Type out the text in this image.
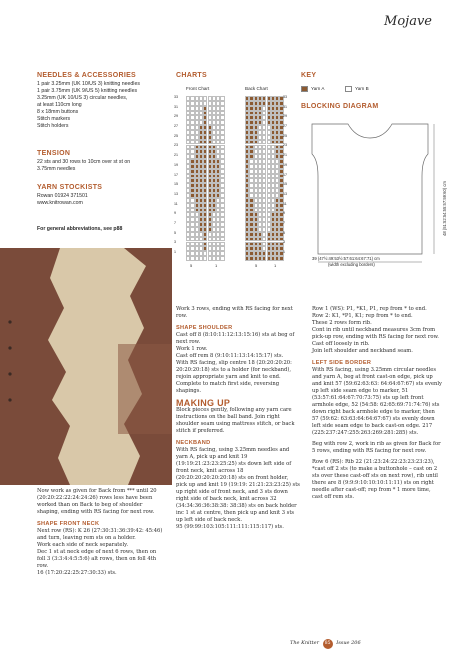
Mojave
NEEDLES & ACCESSORIES
1 pair 3.25mm (UK 10/US 3) knitting needles
1 pair 3.75mm (UK 9/US 5) knitting needles
3.25mm (UK 10/US 3) circular needles,
at least 110cm long
8 x 18mm buttons
Stitch markers
Stitch holders
TENSION
22 sts and 30 rows to 10cm over st st on
3.75mm needles
YARN STOCKISTS
Rowan 01924 371501
www.knitrowan.com
For general abbreviations, see p88
CHARTS
Front Chart	Back Chart
33
31
29
27
25
23
21
19
17
15
13
11
9
7
5
3
1
33
31
29
27
25
23
21
19
17
15
13
11
9
7
5
3
1
5	1	5	1
KEY
Yarn A	Yarn B
BLOCKING DIAGRAM
39 (47½:49:53½:57:61:64:67:71) cm
(width excluding borders)
48 (51:52:54:55:57:59:60) cm
Now work as given for Back from *** until 20 (20:20:22:22:24:24:26) rows less have been worked than on Back to beg of shoulder shaping, ending with RS facing for next row.
SHAPE FRONT NECK
Next row (RS): K 26 (27:30:31:36:39:42: 45:46) and turn, leaving rem sts on a holder.
Work each side of neck separately.
Dec 1 st at neck edge of next 6 rows, then on foll 3 (3:3:4:4:5:5:6) alt rows, then on foll 4th row.
16 (17:20:22:25:27:30:33) sts.
Work 3 rows, ending with RS facing for next row.
SHAPE SHOULDER
Cast off 8 (8:10:11:12:13:15:16) sts at beg of next row.
Work 1 row.
Cast off rem 8 (9:10:11:13:14:15:17) sts.
With RS facing, slip centre 18 (20:20:20:20: 20:20:20:18) sts to a holder (for neckband), rejoin appropriate yarn and knit to end. Complete to match first side, reversing shapings.
MAKING UP
Block pieces gently, following any yarn care instructions on the ball band. Join right shoulder seam using mattress stitch, or back stitch if preferred.
NECKBAND
With RS facing, using 3.25mm needles and yarn A, pick up and knit 19 (19:19:21:23:23:25:25) sts down left side of front neck, knit across 18 (20:20:20:20:20:20:18) sts on front holder, pick up and knit 19 (19:19: 21:21:23:23:25) sts up right side of front neck, and 3 sts down right side of back neck, knit across 32 (34:34:36:36:38:38: 38:38) sts on back holder inc 1 st at centre, then pick up and knit 3 sts up left side of back neck.
95 (99:99:103:105:111:111:115:117) sts.
Row 1 (WS): P1, *K1, P1, rep from * to end.
Row 2: K1, *P1, K1; rep from * to end.
These 2 rows form rib.
Cont in rib until neckband measures 3cm from pick-up row, ending with RS facing for next row.
Cast off loosely in rib.
Join left shoulder and neckband seam.
LEFT SIDE BORDER
With RS facing, using 3.25mm circular needles and yarn A, beg at front cast-on edge, pick up and knit 57 (59:62:63:63: 64:64:67:67) sts evenly up left side seam edge to marker, 51 (53:57:61:64:67:70:73:75) sts up left front armhole edge, 52 (54:58: 62:65:69:71:74:76) sts down right back armhole edge to marker, then 57 (59:62: 63:63:64:64:67:67) sts evenly down left side seam edge to back cast-on edge. 217 (225:237:247:255:263:269:281:285) sts.
Beg with row 2, work in rib as given for Back for 5 rows, ending with RS facing for next row.
Row 6 (RS): Rib 22 (21:23:24:22:23:23:23:23), *cast off 2 sts (to make a buttonhole – cast on 2 sts over these cast-off sts on next row), rib until there are 8 (9:9:9:10:10:10:11:11) sts on right needle after cast-off; rep from * 1 more time, cast off rem sts.
The Knitter 85 Issue 206
